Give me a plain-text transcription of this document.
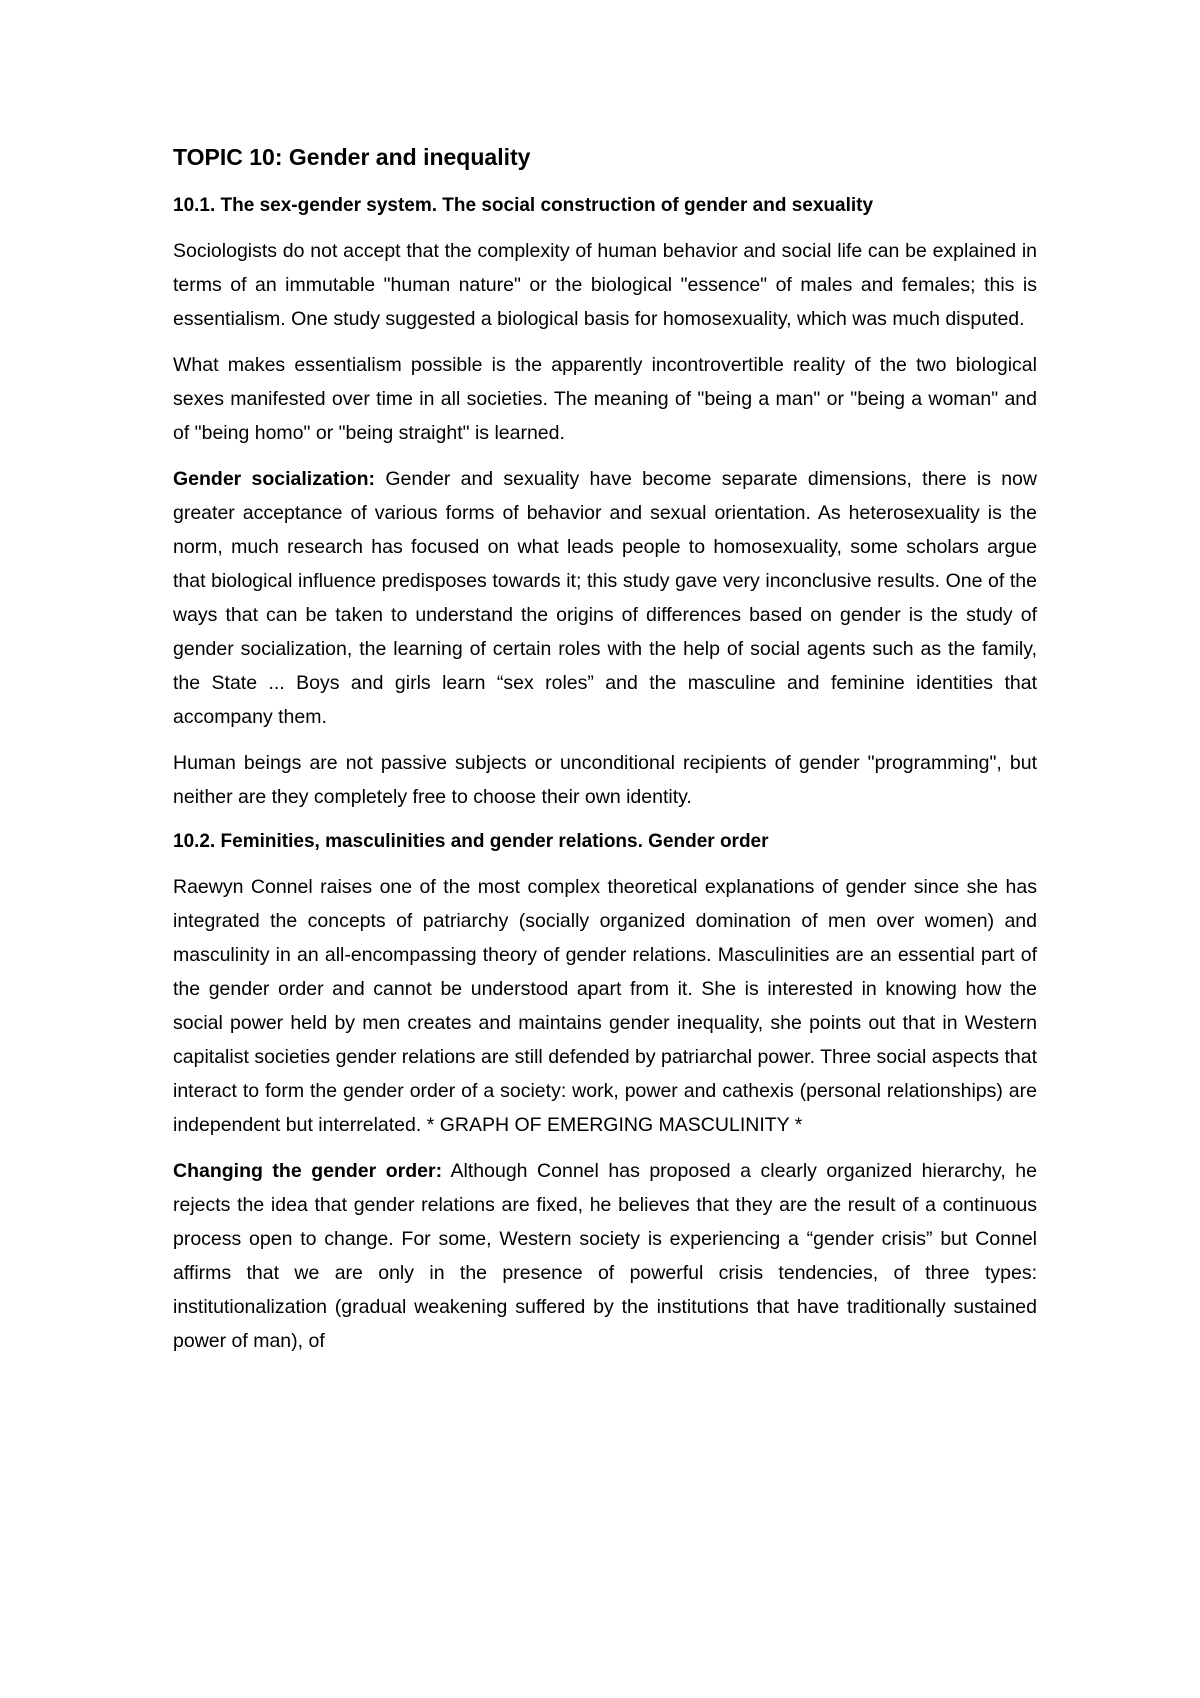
TOPIC 10: Gender and inequality
10.1. The sex-gender system. The social construction of gender and sexuality

Sociologists do not accept that the complexity of human behavior and social life can be explained in terms of an immutable "human nature" or the biological "essence" of males and females; this is essentialism. One study suggested a biological basis for homosexuality, which was much disputed.

What makes essentialism possible is the apparently incontrovertible reality of the two biological sexes manifested over time in all societies. The meaning of "being a man" or "being a woman" and of "being homo" or "being straight" is learned.

Gender socialization: Gender and sexuality have become separate dimensions, there is now greater acceptance of various forms of behavior and sexual orientation. As heterosexuality is the norm, much research has focused on what leads people to homosexuality, some scholars argue that biological influence predisposes towards it; this study gave very inconclusive results. One of the ways that can be taken to understand the origins of differences based on gender is the study of gender socialization, the learning of certain roles with the help of social agents such as the family, the State ... Boys and girls learn “sex roles” and the masculine and feminine identities that accompany them.

Human beings are not passive subjects or unconditional recipients of gender "programming", but neither are they completely free to choose their own identity.

10.2. Feminities, masculinities and gender relations. Gender order

Raewyn Connel raises one of the most complex theoretical explanations of gender since she has integrated the concepts of patriarchy (socially organized domination of men over women) and masculinity in an all-encompassing theory of gender relations. Masculinities are an essential part of the gender order and cannot be understood apart from it. She is interested in knowing how the social power held by men creates and maintains gender inequality, she points out that in Western capitalist societies gender relations are still defended by patriarchal power. Three social aspects that interact to form the gender order of a society: work, power and cathexis (personal relationships) are independent but interrelated. * GRAPH OF EMERGING MASCULINITY *

Changing the gender order: Although Connel has proposed a clearly organized hierarchy, he rejects the idea that gender relations are fixed, he believes that they are the result of a continuous process open to change. For some, Western society is experiencing a “gender crisis” but Connel affirms that we are only in the presence of powerful crisis tendencies, of three types: institutionalization (gradual weakening suffered by the institutions that have traditionally sustained power of man), of
